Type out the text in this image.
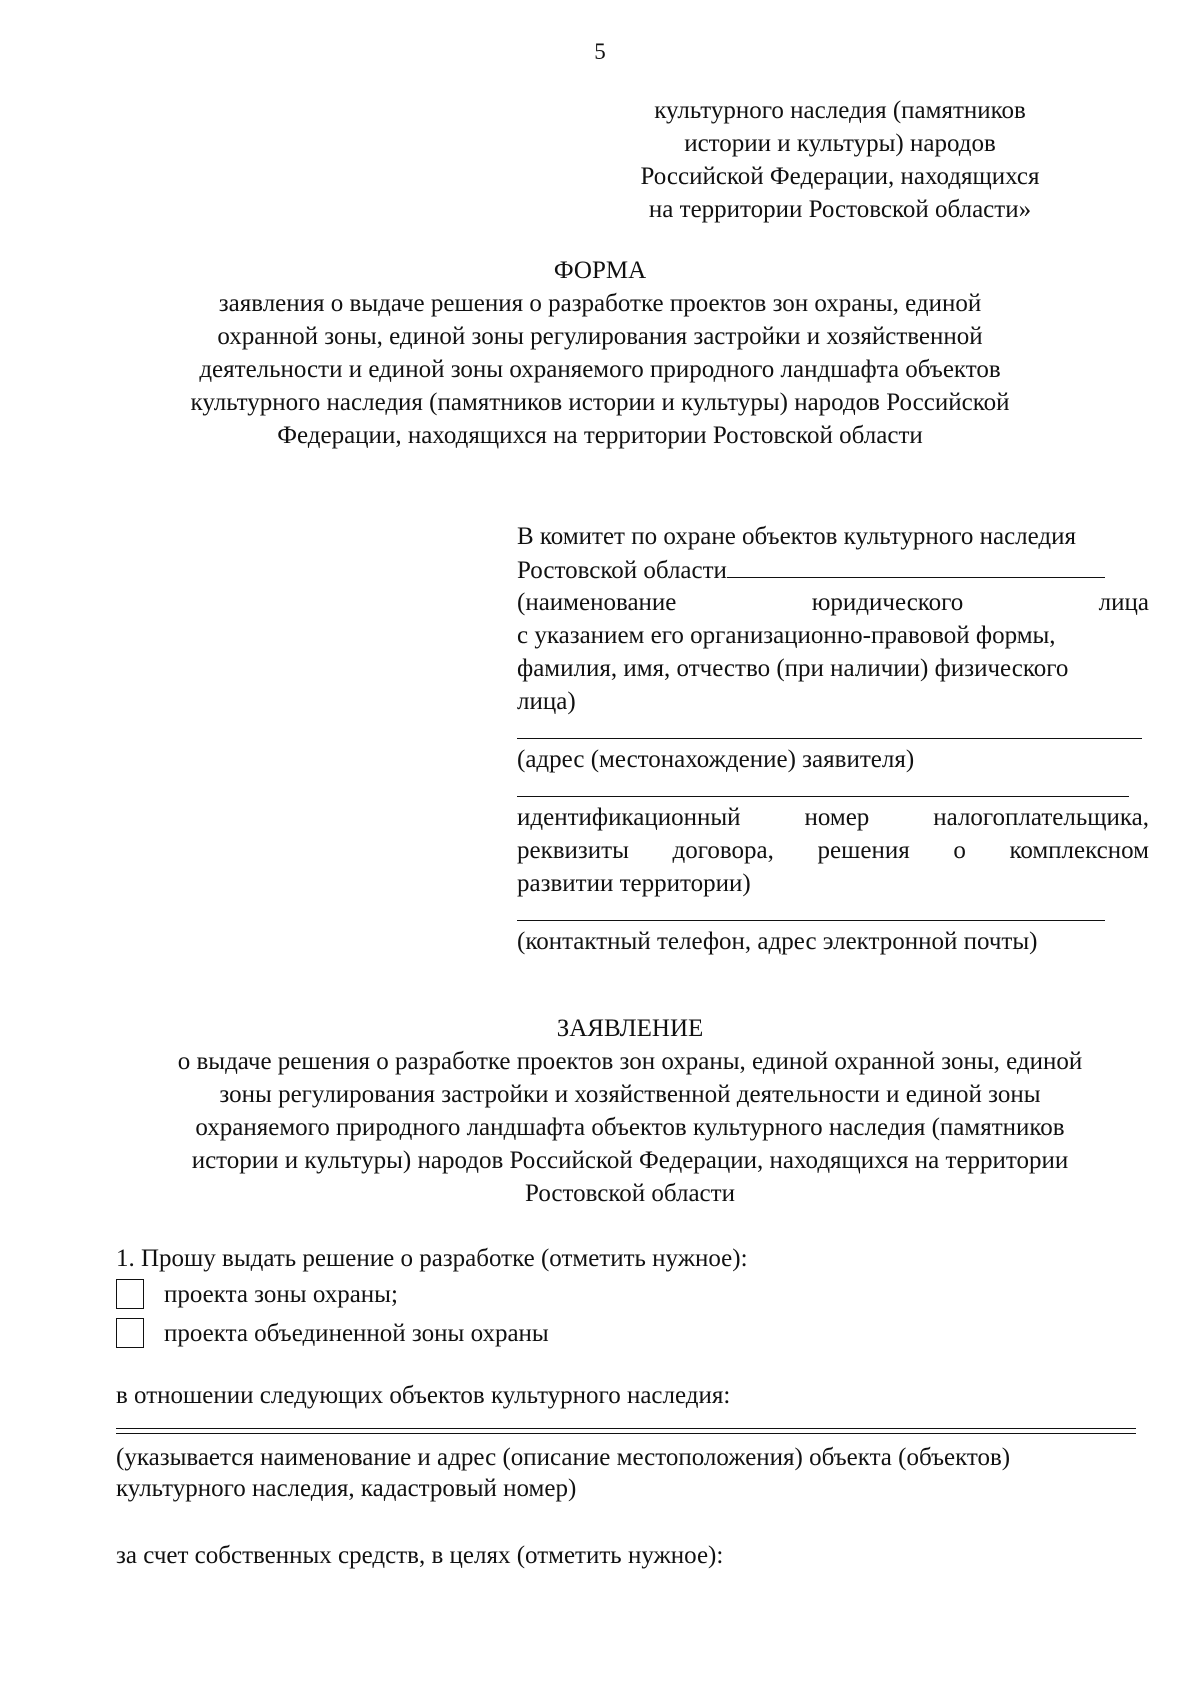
5
культурного наследия (памятников
истории и культуры) народов
Российской Федерации, находящихся
на территории Ростовской области»
ФОРМА
заявления о выдаче решения о разработке проектов зон охраны, единой
охранной зоны, единой зоны регулирования застройки и хозяйственной
деятельности и единой зоны охраняемого природного ландшафта объектов
культурного наследия (памятников истории и культуры) народов Российской
Федерации, находящихся на территории Ростовской области
В комитет по охране объектов культурного наследия
Ростовской области
(наименование	юридического	лица
с указанием его организационно-правовой формы,
фамилия, имя, отчество (при наличии) физического
лица)
(адрес (местонахождение) заявителя)
идентификационный	номер	налогоплательщика,
реквизиты договора, решения о комплексном
развитии территории)
(контактный телефон, адрес электронной почты)
ЗАЯВЛЕНИЕ
о выдаче решения о разработке проектов зон охраны, единой охранной зоны, единой
зоны регулирования застройки и хозяйственной деятельности и единой зоны
охраняемого природного ландшафта объектов культурного наследия (памятников
истории и культуры) народов Российской Федерации, находящихся на территории
Ростовской области
1. Прошу выдать решение о разработке (отметить нужное):
проекта зоны охраны;
проекта объединенной зоны охраны
в отношении следующих объектов культурного наследия:
(указывается наименование и адрес (описание местоположения) объекта (объектов)
культурного наследия, кадастровый номер)
за счет собственных средств, в целях (отметить нужное):
